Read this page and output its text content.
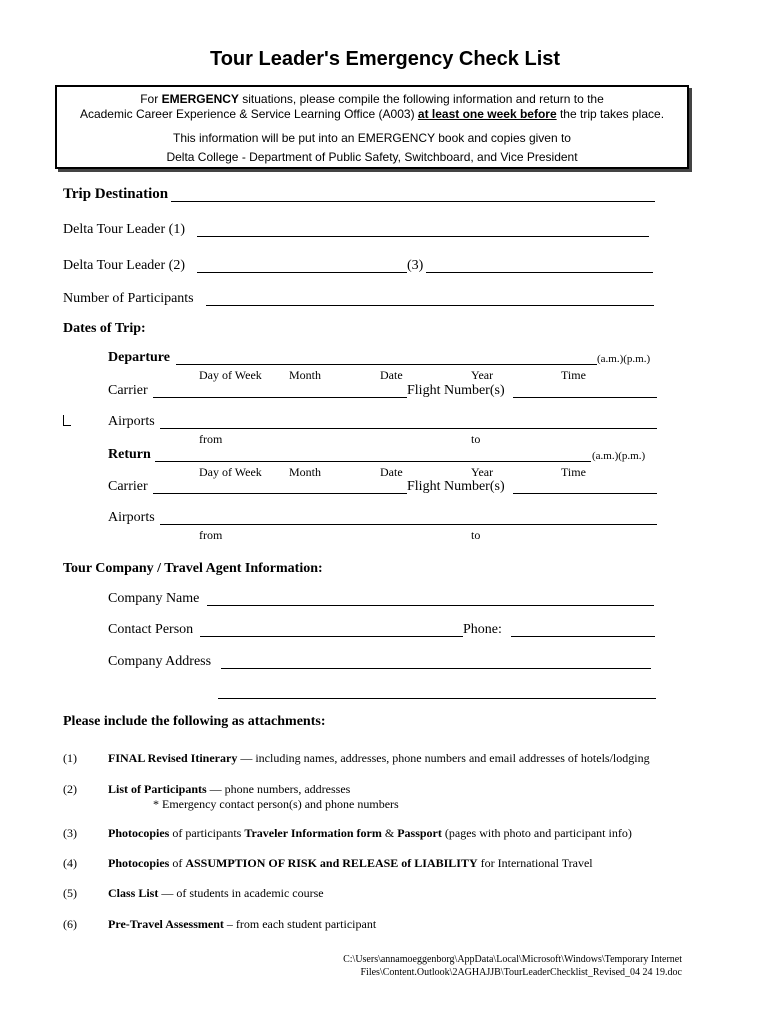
Tour Leader's Emergency Check List
For EMERGENCY situations, please compile the following information and return to the
Academic Career Experience & Service Learning Office (A003) at least one week before the trip takes place.
This information will be put into an EMERGENCY book and copies given to
Delta College - Department of Public Safety, Switchboard, and Vice President
Trip Destination
Delta Tour Leader (1)
Delta Tour Leader (2)	(3)
Number of Participants
Dates of Trip:
Departure	(a.m.)(p.m.)
Day of Week Month	Date	Year	Time
Carrier	Flight Number(s)
Airports
from	to
Return	(a.m.)(p.m.)
Day of Week Month	Date	Year	Time
Carrier	Flight Number(s)
Airports
from	to
Tour Company / Travel Agent Information:
Company Name
Contact Person	Phone:
Company Address
Please include the following as attachments:
(1)	FINAL Revised Itinerary — including names, addresses, phone numbers and email addresses of hotels/lodging
(2)	List of Participants — phone numbers, addresses
* Emergency contact person(s) and phone numbers
(3)	Photocopies of participants Traveler Information form & Passport (pages with photo and participant info)
(4)	Photocopies of ASSUMPTION OF RISK and RELEASE of LIABILITY for International Travel
(5)	Class List — of students in academic course
(6)	Pre-Travel Assessment – from each student participant
C:\Users\annamoeggenborg\AppData\Local\Microsoft\Windows\Temporary Internet
Files\Content.Outlook\2AGHAJJB\TourLeaderChecklist_Revised_04 24 19.doc
